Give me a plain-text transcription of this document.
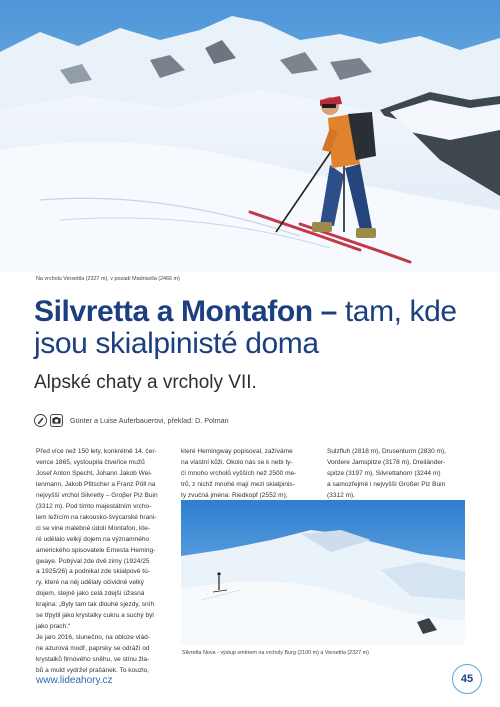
Na vrcholu Versettla (2327 m), v pozadí Madrisella (2466 m)
Silvretta a Montafon – tam, kde jsou skialpinisté doma
Alpské chaty a vrcholy VII.
Günter a Luise Auferbauerovi, překlad: D. Polman
Před více než 150 lety, konkrétně 14. čer-
vence 1865, vystoupila čtveřice mužů
Josef Anton Specht, Johann Jakob Wei-
lenmann, Jakob Pfitscher a Franz Pöll na
nejvyšší vrchol Silvretty – Groβer Piz Buin
(3312 m). Pod tímto majestátním vrcho-
lem ležícím na rakousko-švýcarské hrani-
ci se vine malebné údolí Montafon, kte-
ré udělalo velký dojem na významného
amerického spisovatele Ernesta Heming-
gwaye. Pobýval zde dvě zimy (1924/25
a 1925/26) a podnikal zde skialpové tú-
ry, které na něj udělaly očividně velký
dojem, stejně jako celá zdejší úžasná
krajina: „Byly tam tak dlouhé sjezdy, sníh
se třpytil jako krystalky cukru a suchý byl
jako prach.“
Je jaro 2016, slunečno, na obloze vlád-
ne azurová modř, paprsky se odráží od
krystalků firnového sněhu, ve stínu žla-
bů a muld vydržel prašánek. To kouzlo,
které Hemingway popisoval, zažíváme
na vlastní kůži. Okolo nás se k nebi ty-
čí mnoho vrcholů vyšších než 2500 me-
trů, z nichž mnohé mají mezi skialpinis-
ty zvučná jména: Riedkopf (2552 m),
Sulzfluh (2818 m), Drusenturm (2830 m),
Vordere Jamspitze (3178 m), Dreiländer-
spitze (3197 m), Silvrettahorn (3244 m)
a samozřejmě i nejvyšší Großer Piz Buin
(3312 m).
Silvretta Nova - výstup směrem na vrcholy Burg (2100 m) a Versettla (2327 m)
www.lideahory.cz	45
